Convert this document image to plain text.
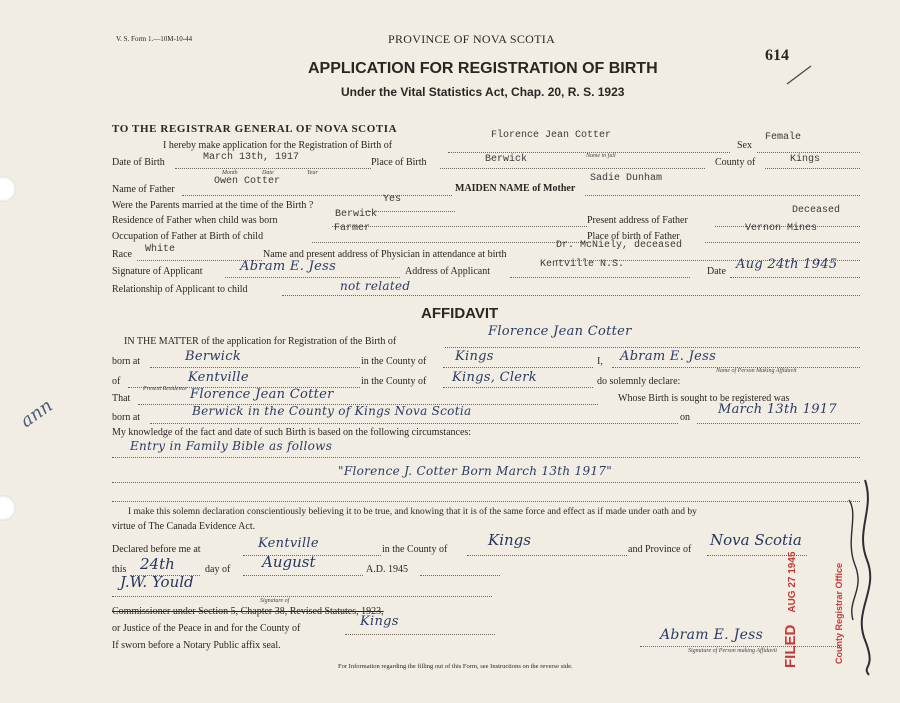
V. S. Form 1.—10M-10-44	PROVINCE OF NOVA SCOTIA
614
APPLICATION FOR REGISTRATION OF BIRTH
Under the Vital Statistics Act, Chap. 20, R. S. 1923
TO THE REGISTRAR GENERAL OF NOVA SCOTIA
I hereby make application for the Registration of Birth of
Florence Jean Cotter
Name in full
Sex
Female
Date of Birth	March 13th, 1917
Month	Date	Year
Place of Birth	Berwick	County of	Kings
Name of Father
Owen Cotter
MAIDEN NAME of Mother
Sadie Dunham
Were the Parents married at the time of the Birth ?
Yes
Residence of Father when child was born
Berwick
Present address of Father
Deceased
Occupation of Father at Birth of child
Farmer
Place of birth of Father
Vernon Mines
Race White	Name and present address of Physician in attendance at birth
Dr. McNiely, deceased
Signature of Applicant	Abram E. Jess	Address of Applicant
Kentville N.S.
Date Aug 24th 1945
Relationship of Applicant to child	not related
AFFIDAVIT
IN THE MATTER of the application for Registration of the Birth of
Florence Jean Cotter
born at	Berwick	in the County of Kings	I, Abram E. Jess
Name of Person Making Affidavit
of	Kentville	in the County of Kings, Clerk	do solemnly declare:
Present Residence
That	Florence Jean Cotter	Whose Birth is sought to be registered was
born at	Berwick in the County of Kings Nova Scotia	on
March 13th 1917
My knowledge of the fact and date of such Birth is based on the following circumstances:
Entry in Family Bible as follows
"Florence J. Cotter Born March 13th 1917"
I make this solemn declaration conscientiously believing it to be true, and knowing that it is of the same force and effect as if made under oath and by
virtue of The Canada Evidence Act.
Declared before me at	Kentville	in the County of
Kings
and Province of
Nova Scotia
this 24th	day of August	A.D. 1945
J.W. Yould
Signature of
Commissioner under Section 5, Chapter 38, Revised Statutes, 1923,
or Justice of the Peace in and for the County of	Kings
If sworn before a Notary Public affix seal.
Abram E. Jess
Signature of Person making Affidavit
For Information regarding the filling out of this Form, see Instructions on the reverse side.
ann
FILED AUG 27 1945	County Registrar Office
